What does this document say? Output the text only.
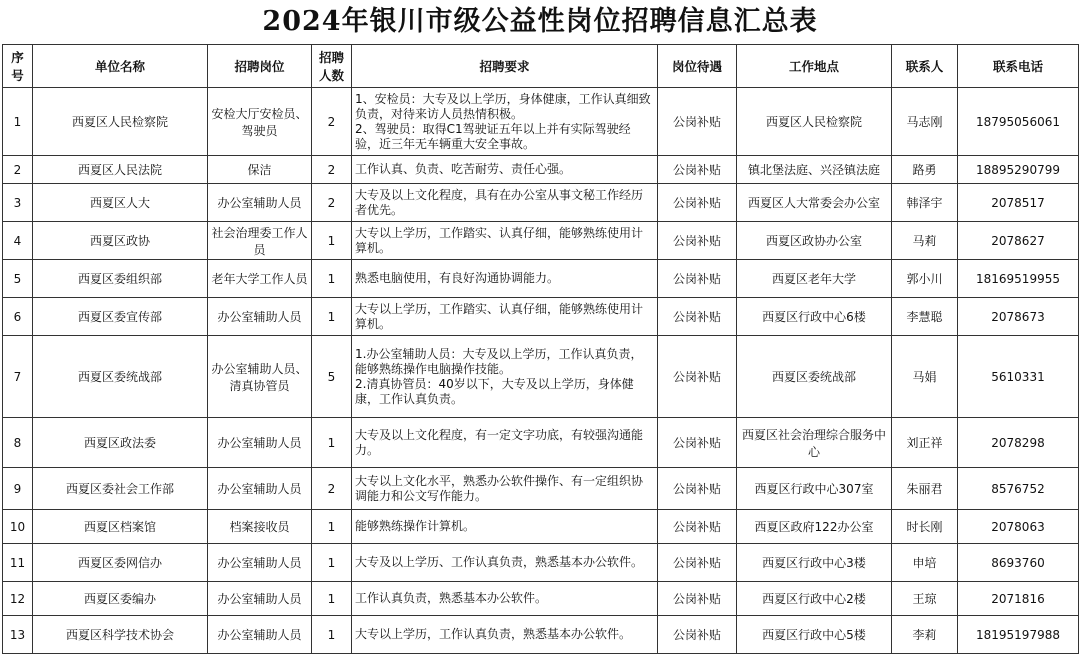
2024年银川市级公益性岗位招聘信息汇总表
序号	单位名称	招聘岗位	招聘人数	招聘要求	岗位待遇	工作地点	联系人	联系电话
1	西夏区人民检察院	安检大厅安检员、驾驶员	2	1、安检员：大专及以上学历，身体健康，工作认真细致负责，对待来访人员热情积极。
2、驾驶员：取得C1驾驶证五年以上并有实际驾驶经验，近三年无车辆重大安全事故。	公岗补贴	西夏区人民检察院	马志刚	18795056061
2	西夏区人民法院	保洁	2	工作认真、负责、吃苦耐劳、责任心强。	公岗补贴	镇北堡法庭、兴泾镇法庭	路勇	18895290799
3	西夏区人大	办公室辅助人员	2	大专及以上文化程度，具有在办公室从事文秘工作经历者优先。	公岗补贴	西夏区人大常委会办公室	韩泽宇	2078517
4	西夏区政协	社会治理委工作人员	1	大专以上学历，工作踏实、认真仔细，能够熟练使用计算机。	公岗补贴	西夏区政协办公室	马莉	2078627
5	西夏区委组织部	老年大学工作人员	1	熟悉电脑使用，有良好沟通协调能力。	公岗补贴	西夏区老年大学	郭小川	18169519955
6	西夏区委宣传部	办公室辅助人员	1	大专以上学历，工作踏实、认真仔细，能够熟练使用计算机。	公岗补贴	西夏区行政中心6楼	李慧聪	2078673
7	西夏区委统战部	办公室辅助人员、清真协管员	5	1.办公室辅助人员：大专及以上学历，工作认真负责，能够熟练操作电脑操作技能。
2.清真协管员：40岁以下，大专及以上学历，身体健康，工作认真负责。	公岗补贴	西夏区委统战部	马娟	5610331
8	西夏区政法委	办公室辅助人员	1	大专及以上文化程度，有一定文字功底，有较强沟通能力。	公岗补贴	西夏区社会治理综合服务中心	刘正祥	2078298
9	西夏区委社会工作部	办公室辅助人员	2	大专以上文化水平，熟悉办公软件操作、有一定组织协调能力和公文写作能力。	公岗补贴	西夏区行政中心307室	朱丽君	8576752
10	西夏区档案馆	档案接收员	1	能够熟练操作计算机。	公岗补贴	西夏区政府122办公室	时长刚	2078063
11	西夏区委网信办	办公室辅助人员	1	大专及以上学历、工作认真负责，熟悉基本办公软件。	公岗补贴	西夏区行政中心3楼	申培	8693760
12	西夏区委编办	办公室辅助人员	1	工作认真负责，熟悉基本办公软件。	公岗补贴	西夏区行政中心2楼	王琼	2071816
13	西夏区科学技术协会	办公室辅助人员	1	大专以上学历，工作认真负责，熟悉基本办公软件。	公岗补贴	西夏区行政中心5楼	李莉	18195197988
